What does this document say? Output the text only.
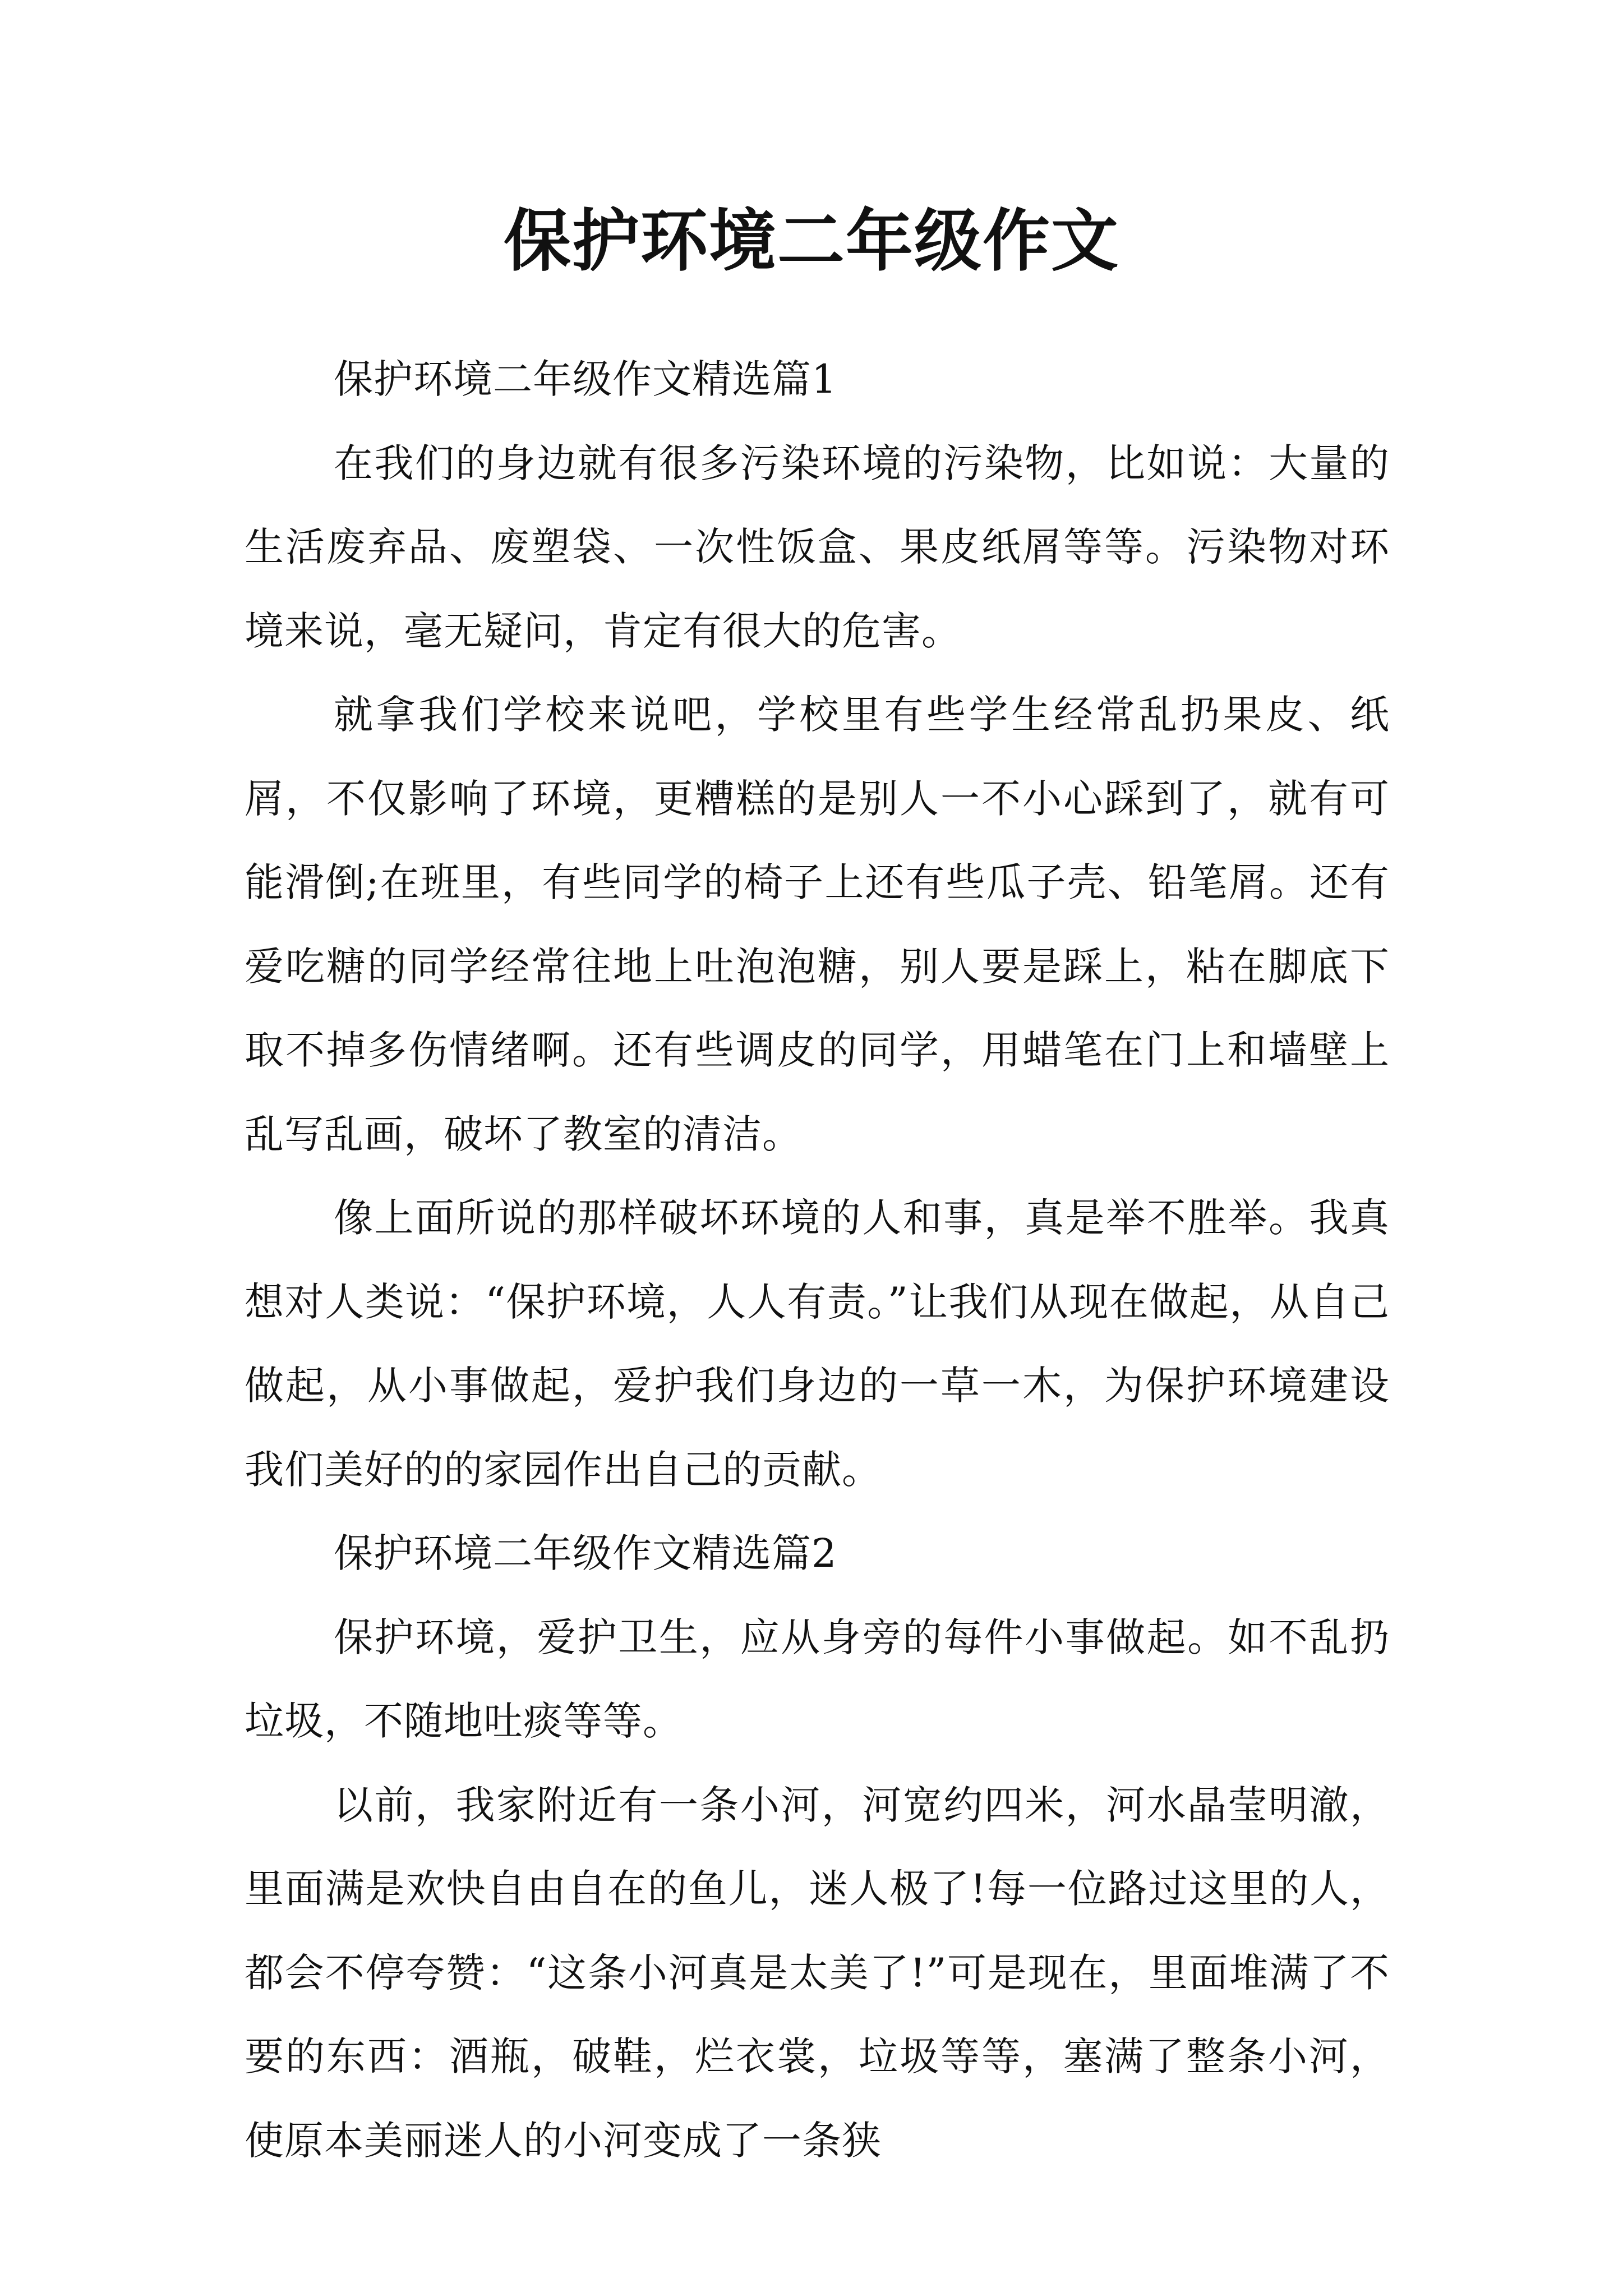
保护环境二年级作文

保护环境二年级作文精选篇1

在我们的身边就有很多污染环境的污染物，比如说：大量的生活废弃品、废塑袋、一次性饭盒、果皮纸屑等等。污染物对环境来说，毫无疑问，肯定有很大的危害。

就拿我们学校来说吧，学校里有些学生经常乱扔果皮、纸屑，不仅影响了环境，更糟糕的是别人一不小心踩到了，就有可能滑倒;在班里，有些同学的椅子上还有些瓜子壳、铅笔屑。还有爱吃糖的同学经常往地上吐泡泡糖，别人要是踩上，粘在脚底下取不掉多伤情绪啊。还有些调皮的同学，用蜡笔在门上和墙壁上乱写乱画，破坏了教室的清洁。

像上面所说的那样破坏环境的人和事，真是举不胜举。我真想对人类说：“保护环境，人人有责。”让我们从现在做起，从自己做起，从小事做起，爱护我们身边的一草一木，为保护环境建设我们美好的的家园作出自己的贡献。

保护环境二年级作文精选篇2

保护环境，爱护卫生，应从身旁的每件小事做起。如不乱扔垃圾，不随地吐痰等等。

以前，我家附近有一条小河，河宽约四米，河水晶莹明澈，里面满是欢快自由自在的鱼儿，迷人极了!每一位路过这里的人，都会不停夸赞：“这条小河真是太美了!”可是现在，里面堆满了不要的东西：酒瓶，破鞋，烂衣裳，垃圾等等，塞满了整条小河，使原本美丽迷人的小河变成了一条狭
